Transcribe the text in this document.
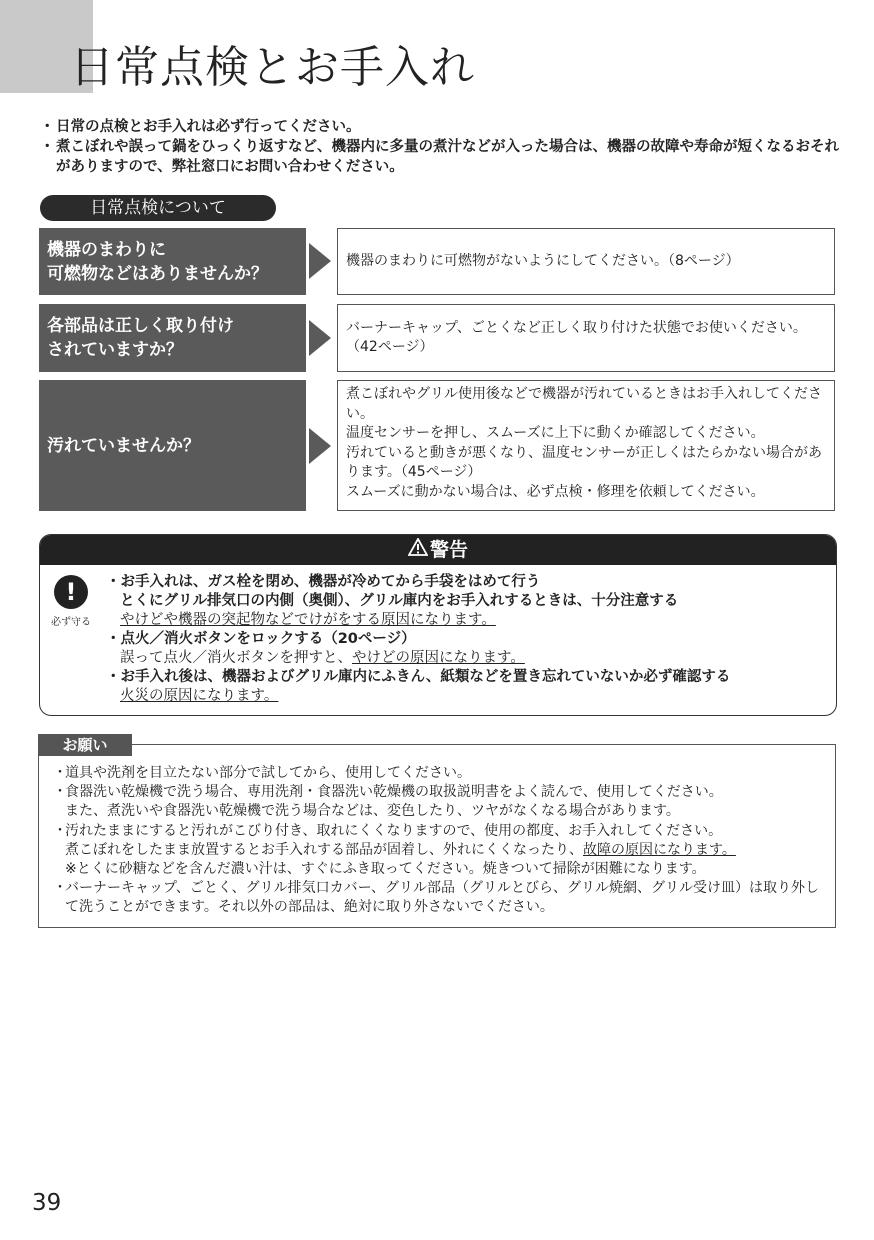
日常点検とお手入れ
・ 日常の点検とお手入れは必ず行ってください。
・ 煮こぼれや誤って鍋をひっくり返すなど、機器内に多量の煮汁などが入った場合は、機器の故障や寿命が短くなるおそれがありますので、弊社窓口にお問い合わせください。
日常点検について
機器のまわりに
可燃物などはありませんか？
機器のまわりに可燃物がないようにしてください。（8ページ）
各部品は正しく取り付け
されていますか？
バーナーキャップ、ごとくなど正しく取り付けた状態でお使いください。（42ページ）
汚れていませんか？
煮こぼれやグリル使用後などで機器が汚れているときはお手入れしてください。
温度センサーを押し、スムーズに上下に動くか確認してください。
汚れていると動きが悪くなり、温度センサーが正しくはたらかない場合があります。（45ページ）
スムーズに動かない場合は、必ず点検・修理を依頼してください。
警告
!
必ず守る
・お手入れは、ガス栓を閉め、機器が冷めてから手袋をはめて行う
とくにグリル排気口の内側（奥側）、グリル庫内をお手入れするときは、十分注意する
やけどや機器の突起物などでけがをする原因になります。
・点火／消火ボタンをロックする（20ページ）
誤って点火／消火ボタンを押すと、やけどの原因になります。
・お手入れ後は、機器およびグリル庫内にふきん、紙類などを置き忘れていないか必ず確認する
火災の原因になります。
お願い
・
道具や洗剤を目立たない部分で試してから、使用してください。
・
食器洗い乾燥機で洗う場合、専用洗剤・食器洗い乾燥機の取扱説明書をよく読んで、使用してください。
また、煮洗いや食器洗い乾燥機で洗う場合などは、変色したり、ツヤがなくなる場合があります。
・
汚れたままにすると汚れがこびり付き、取れにくくなりますので、使用の都度、お手入れしてください。
煮こぼれをしたまま放置するとお手入れする部品が固着し、外れにくくなったり、故障の原因になります。
※とくに砂糖などを含んだ濃い汁は、すぐにふき取ってください。焼きついて掃除が困難になります。
・
バーナーキャップ、ごとく、グリル排気口カバー、グリル部品（グリルとびら、グリル焼網、グリル受け皿）は取り外して洗うことができます。それ以外の部品は、絶対に取り外さないでください。
39
